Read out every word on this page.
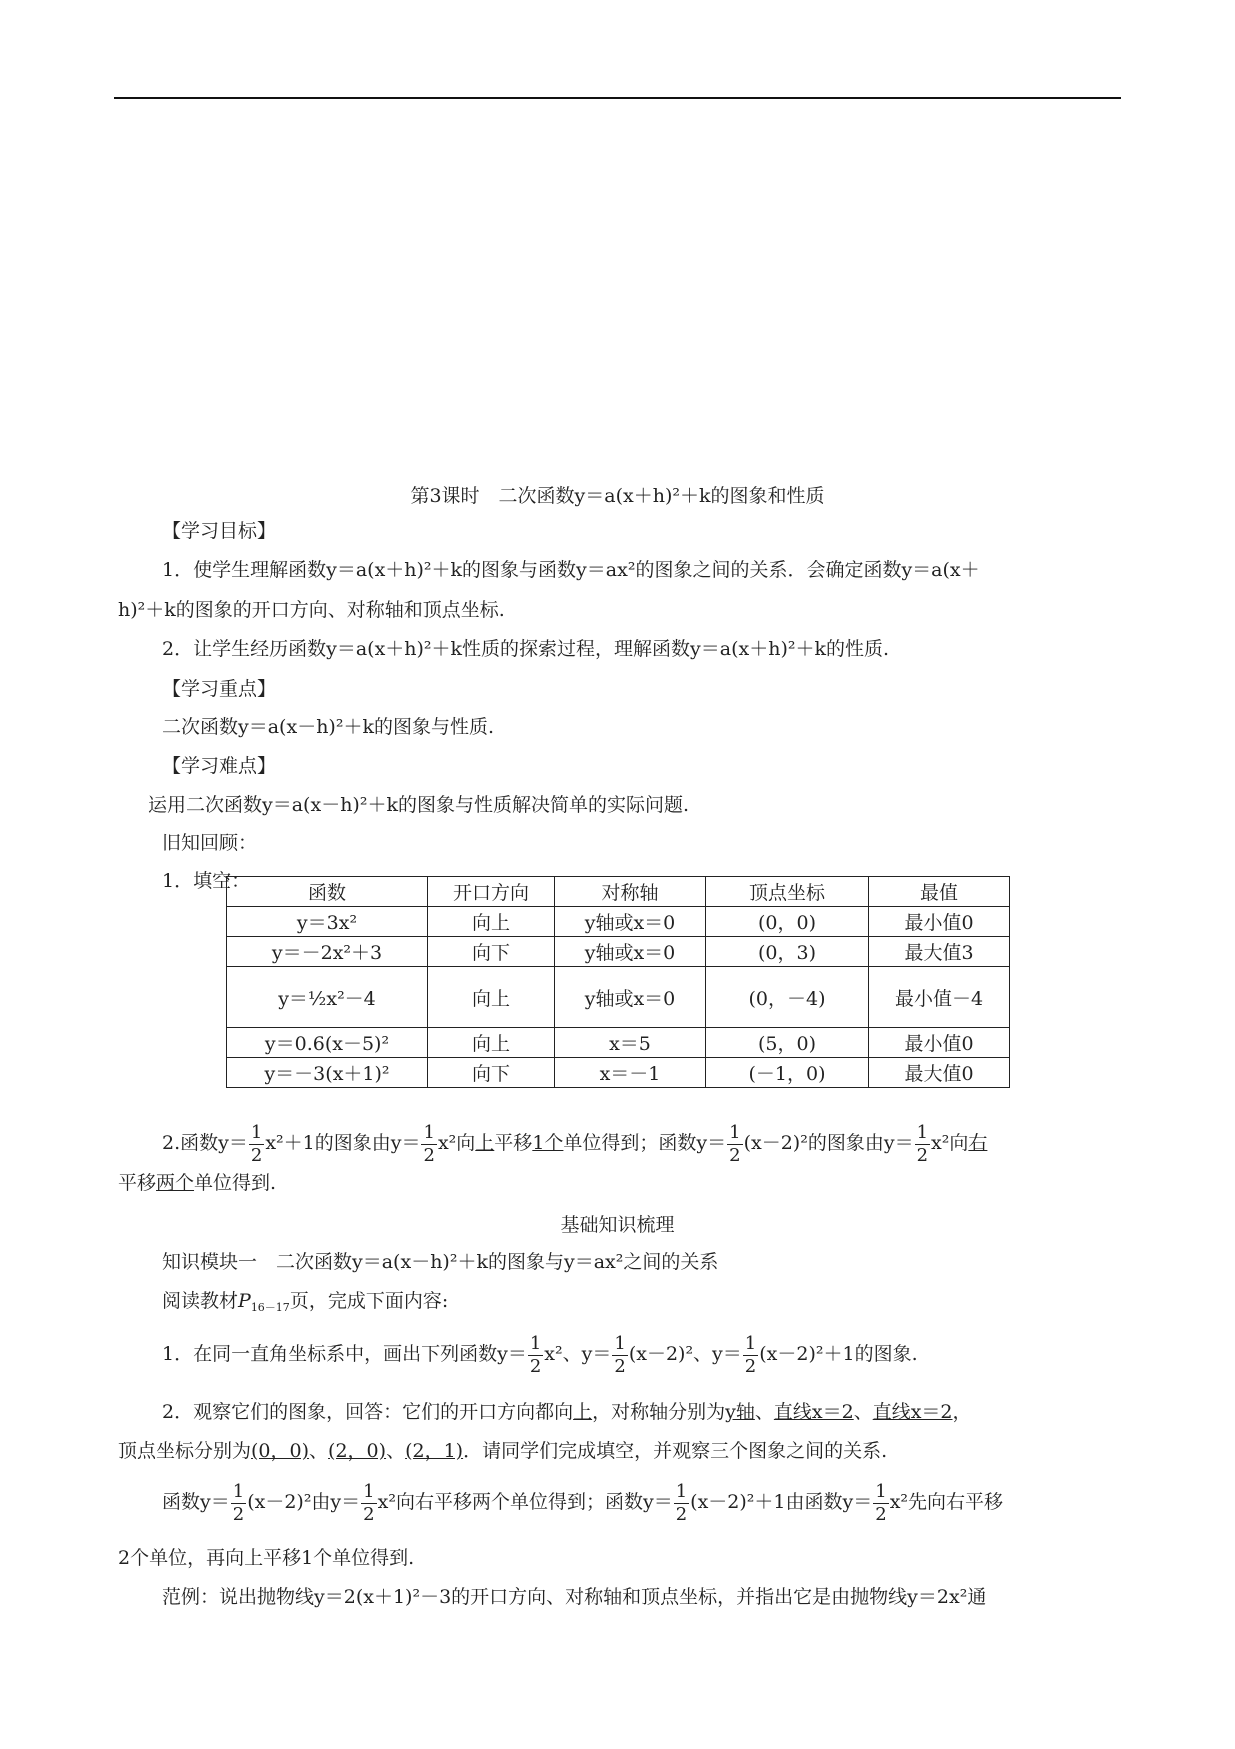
第3课时　二次函数y＝a(x＋h)²＋k的图象和性质
【学习目标】
1．使学生理解函数y＝a(x＋h)²＋k的图象与函数y＝ax²的图象之间的关系．会确定函数y＝a(x＋
h)²＋k的图象的开口方向、对称轴和顶点坐标.
2．让学生经历函数y＝a(x＋h)²＋k性质的探索过程，理解函数y＝a(x＋h)²＋k的性质.
【学习重点】
二次函数y＝a(x－h)²＋k的图象与性质.
【学习难点】
运用二次函数y＝a(x－h)²＋k的图象与性质解决简单的实际问题.
旧知回顾：
1．填空：
函数	开口方向	对称轴	顶点坐标	最值
y＝3x²	向上	y轴或x＝0	(0，0)	最小值0
y＝－2x²＋3	向下	y轴或x＝0	(0，3)	最大值3
y＝½x²－4	向上	y轴或x＝0	(0，－4)	最小值－4
y＝0.6(x－5)²	向上	x＝5	(5，0)	最小值0
y＝－3(x＋1)²	向下	x＝－1	(－1，0)	最大值0
2.函数$y= \frac{1}{2} x^2+1$的图象由$y= \frac{1}{2} x^2$向上平移1个单位得到；函数$y= \frac{1}{2} (x-2)^2$的图象由$y= \frac{1}{2} x^2$向右
平移两个单位得到.
基础知识梳理
知识模块一　二次函数y＝a(x－h)²＋k的图象与y＝ax²之间的关系
阅读教材$P_{16-17}$页，完成下面内容:
1．在同一直角坐标系中，画出下列函数$y= \frac{1}{2} x^2$、$y= \frac{1}{2} (x-2)^2$、$y= \frac{1}{2} (x-2)^2+1$的图象.
2．观察它们的图象，回答：它们的开口方向都向上，对称轴分别为y轴、直线x＝2、直线x＝2，
顶点坐标分别为(0，0)、(2，0)、(2，1)．请同学们完成填空，并观察三个图象之间的关系.
函数$y= \frac{1}{2} (x-2)^2$由$y= \frac{1}{2} x^2$向右平移两个单位得到；函数$y= \frac{1}{2} (x-2)^2+1$由函数$y= \frac{1}{2} x^2$先向右平移
2个单位，再向上平移1个单位得到.
范例：说出抛物线y＝2(x＋1)²－3的开口方向、对称轴和顶点坐标，并指出它是由抛物线y＝2x²通
